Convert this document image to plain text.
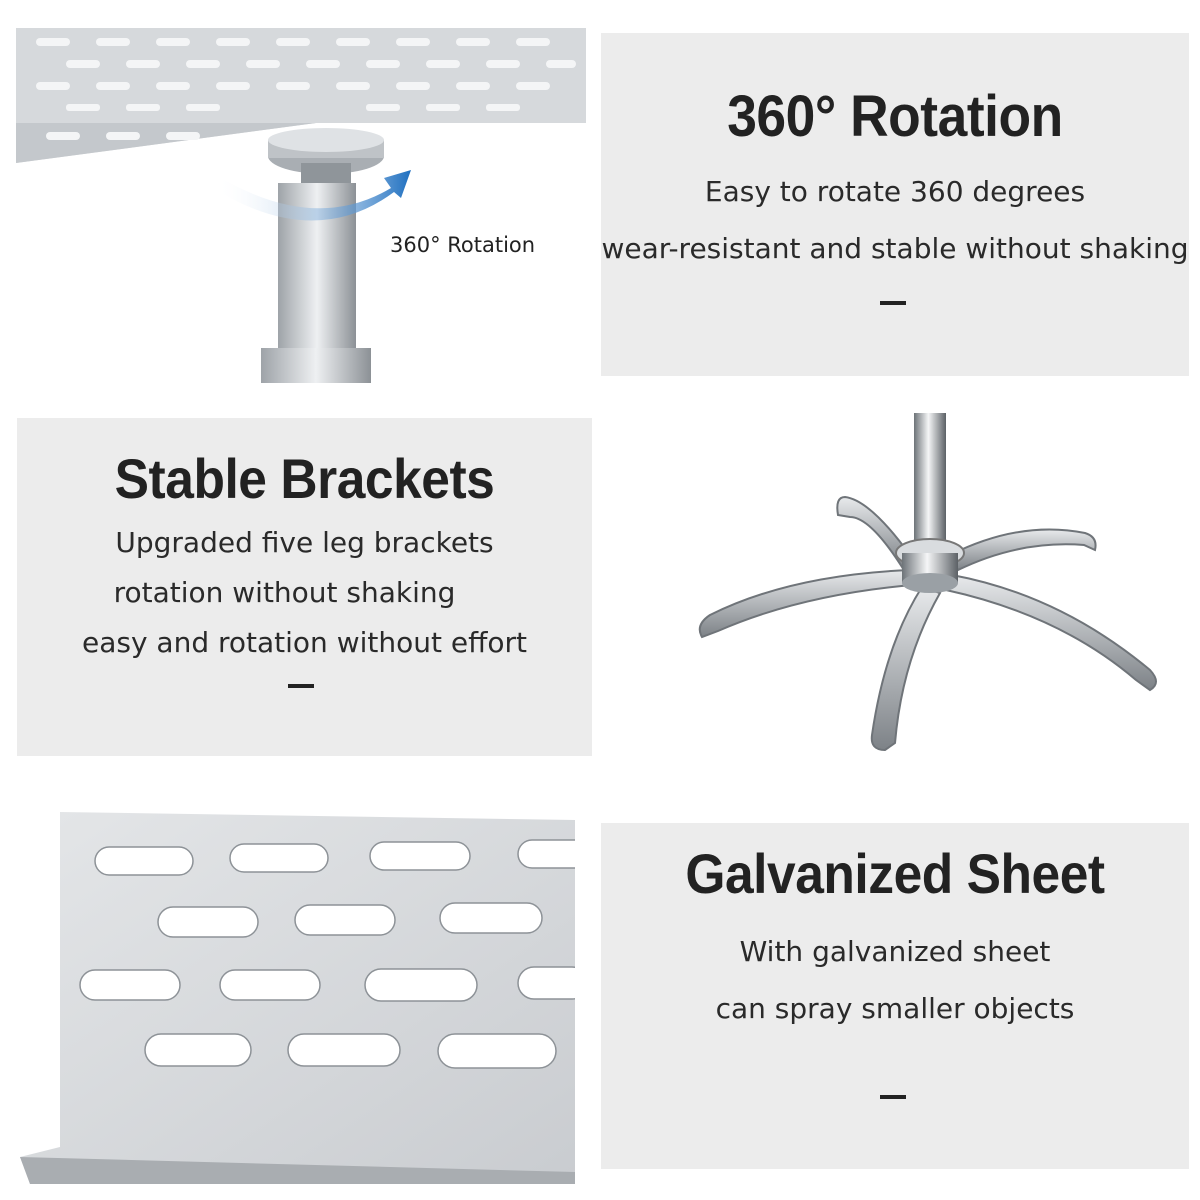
360° Rotation
360° Rotation
Easy to rotate 360 degrees
wear-resistant and stable without shaking
Stable Brackets
Upgraded five leg brackets
rotation without shaking
easy and rotation without effort
Galvanized Sheet
With galvanized sheet
can spray smaller objects
